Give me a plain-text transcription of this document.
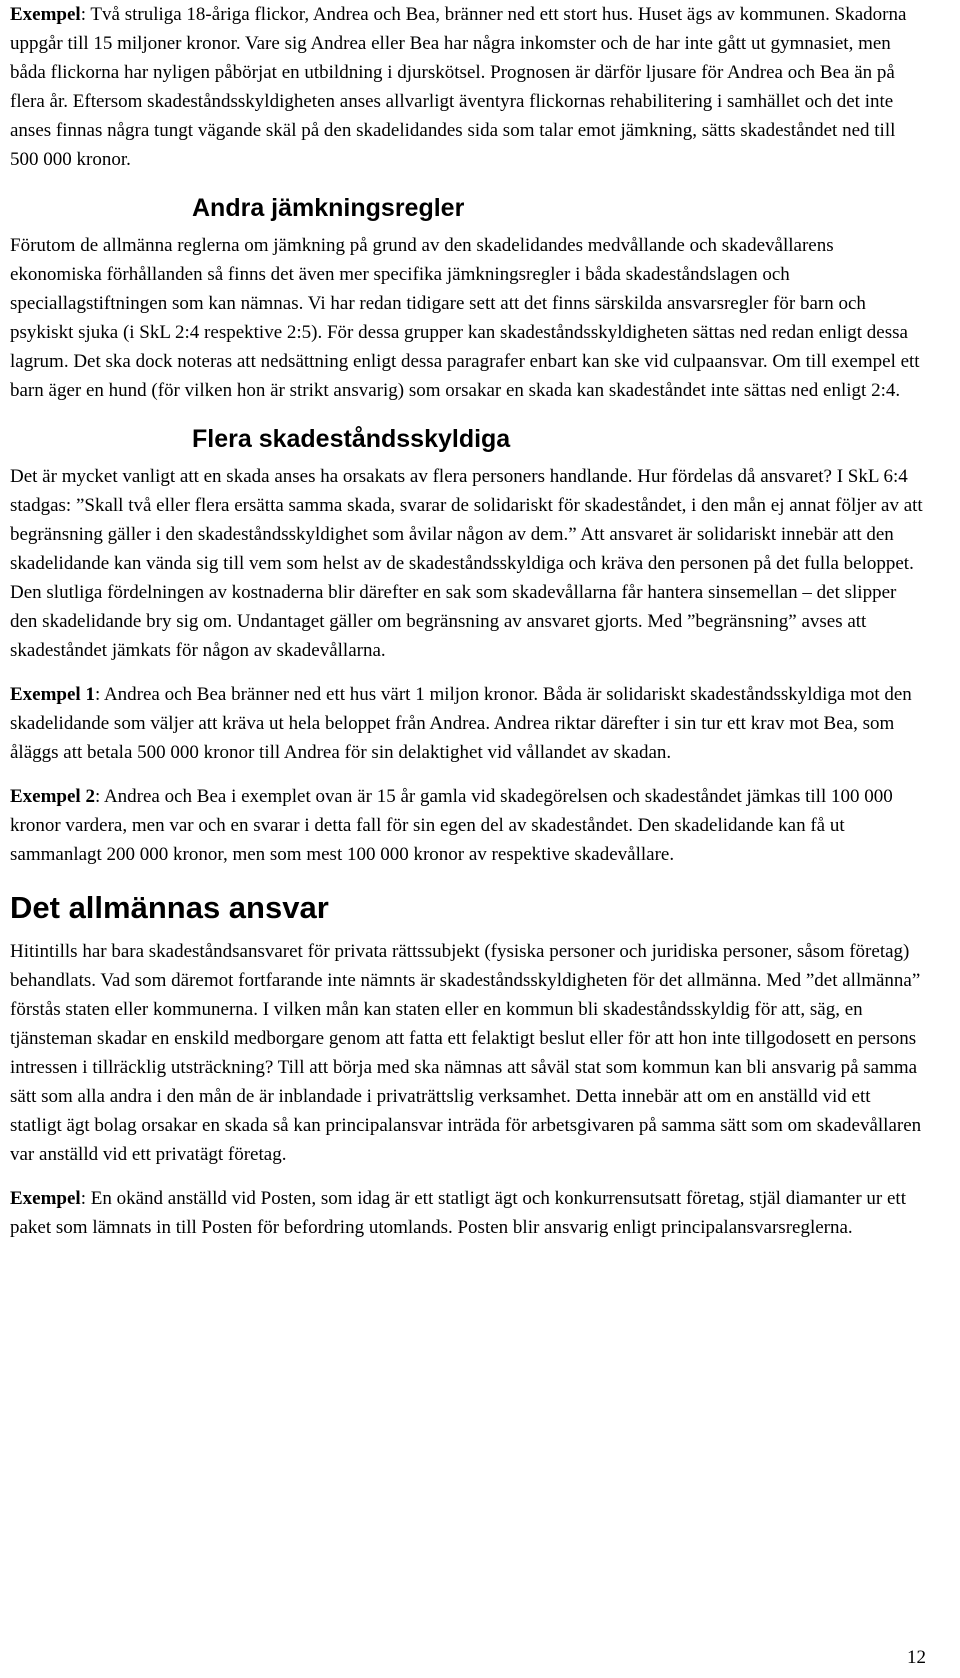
Exempel: Två struliga 18-åriga flickor, Andrea och Bea, bränner ned ett stort hus. Huset ägs av kommunen. Skadorna uppgår till 15 miljoner kronor. Vare sig Andrea eller Bea har några inkomster och de har inte gått ut gymnasiet, men båda flickorna har nyligen påbörjat en utbildning i djurskötsel. Prognosen är därför ljusare för Andrea och Bea än på flera år. Eftersom skadeståndsskyldigheten anses allvarligt äventyra flickornas rehabilitering i samhället och det inte anses finnas några tungt vägande skäl på den skadelidandes sida som talar emot jämkning, sätts skadeståndet ned till 500 000 kronor.

Andra jämkningsregler

Förutom de allmänna reglerna om jämkning på grund av den skadelidandes medvållande och skadevållarens ekonomiska förhållanden så finns det även mer specifika jämkningsregler i båda skadeståndslagen och speciallagstiftningen som kan nämnas. Vi har redan tidigare sett att det finns särskilda ansvarsregler för barn och psykiskt sjuka (i SkL 2:4 respektive 2:5). För dessa grupper kan skadeståndsskyldigheten sättas ned redan enligt dessa lagrum. Det ska dock noteras att nedsättning enligt dessa paragrafer enbart kan ske vid culpaansvar. Om till exempel ett barn äger en hund (för vilken hon är strikt ansvarig) som orsakar en skada kan skadeståndet inte sättas ned enligt 2:4.

Flera skadeståndsskyldiga

Det är mycket vanligt att en skada anses ha orsakats av flera personers handlande. Hur fördelas då ansvaret? I SkL 6:4 stadgas: ”Skall två eller flera ersätta samma skada, svarar de solidariskt för skadeståndet, i den mån ej annat följer av att begränsning gäller i den skadeståndsskyldighet som åvilar någon av dem.” Att ansvaret är solidariskt innebär att den skadelidande kan vända sig till vem som helst av de skadeståndsskyldiga och kräva den personen på det fulla beloppet. Den slutliga fördelningen av kostnaderna blir därefter en sak som skadevållarna får hantera sinsemellan – det slipper den skadelidande bry sig om. Undantaget gäller om begränsning av ansvaret gjorts. Med ”begränsning” avses att skadeståndet jämkats för någon av skadevållarna.

Exempel 1: Andrea och Bea bränner ned ett hus värt 1 miljon kronor. Båda är solidariskt skadeståndsskyldiga mot den skadelidande som väljer att kräva ut hela beloppet från Andrea. Andrea riktar därefter i sin tur ett krav mot Bea, som åläggs att betala 500 000 kronor till Andrea för sin delaktighet vid vållandet av skadan.

Exempel 2: Andrea och Bea i exemplet ovan är 15 år gamla vid skadegörelsen och skadeståndet jämkas till 100 000 kronor vardera, men var och en svarar i detta fall för sin egen del av skadeståndet. Den skadelidande kan få ut sammanlagt 200 000 kronor, men som mest 100 000 kronor av respektive skadevållare.

Det allmännas ansvar

Hitintills har bara skadeståndsansvaret för privata rättssubjekt (fysiska personer och juridiska personer, såsom företag) behandlats. Vad som däremot fortfarande inte nämnts är skadeståndsskyldigheten för det allmänna. Med ”det allmänna” förstås staten eller kommunerna. I vilken mån kan staten eller en kommun bli skadeståndsskyldig för att, säg, en tjänsteman skadar en enskild medborgare genom att fatta ett felaktigt beslut eller för att hon inte tillgodosett en persons intressen i tillräcklig utsträckning? Till att börja med ska nämnas att såväl stat som kommun kan bli ansvarig på samma sätt som alla andra i den mån de är inblandade i privaträttslig verksamhet. Detta innebär att om en anställd vid ett statligt ägt bolag orsakar en skada så kan principalansvar inträda för arbetsgivaren på samma sätt som om skadevållaren var anställd vid ett privatägt företag.

Exempel: En okänd anställd vid Posten, som idag är ett statligt ägt och konkurrensutsatt företag, stjäl diamanter ur ett paket som lämnats in till Posten för befordring utomlands. Posten blir ansvarig enligt principalansvarsreglerna.

12
